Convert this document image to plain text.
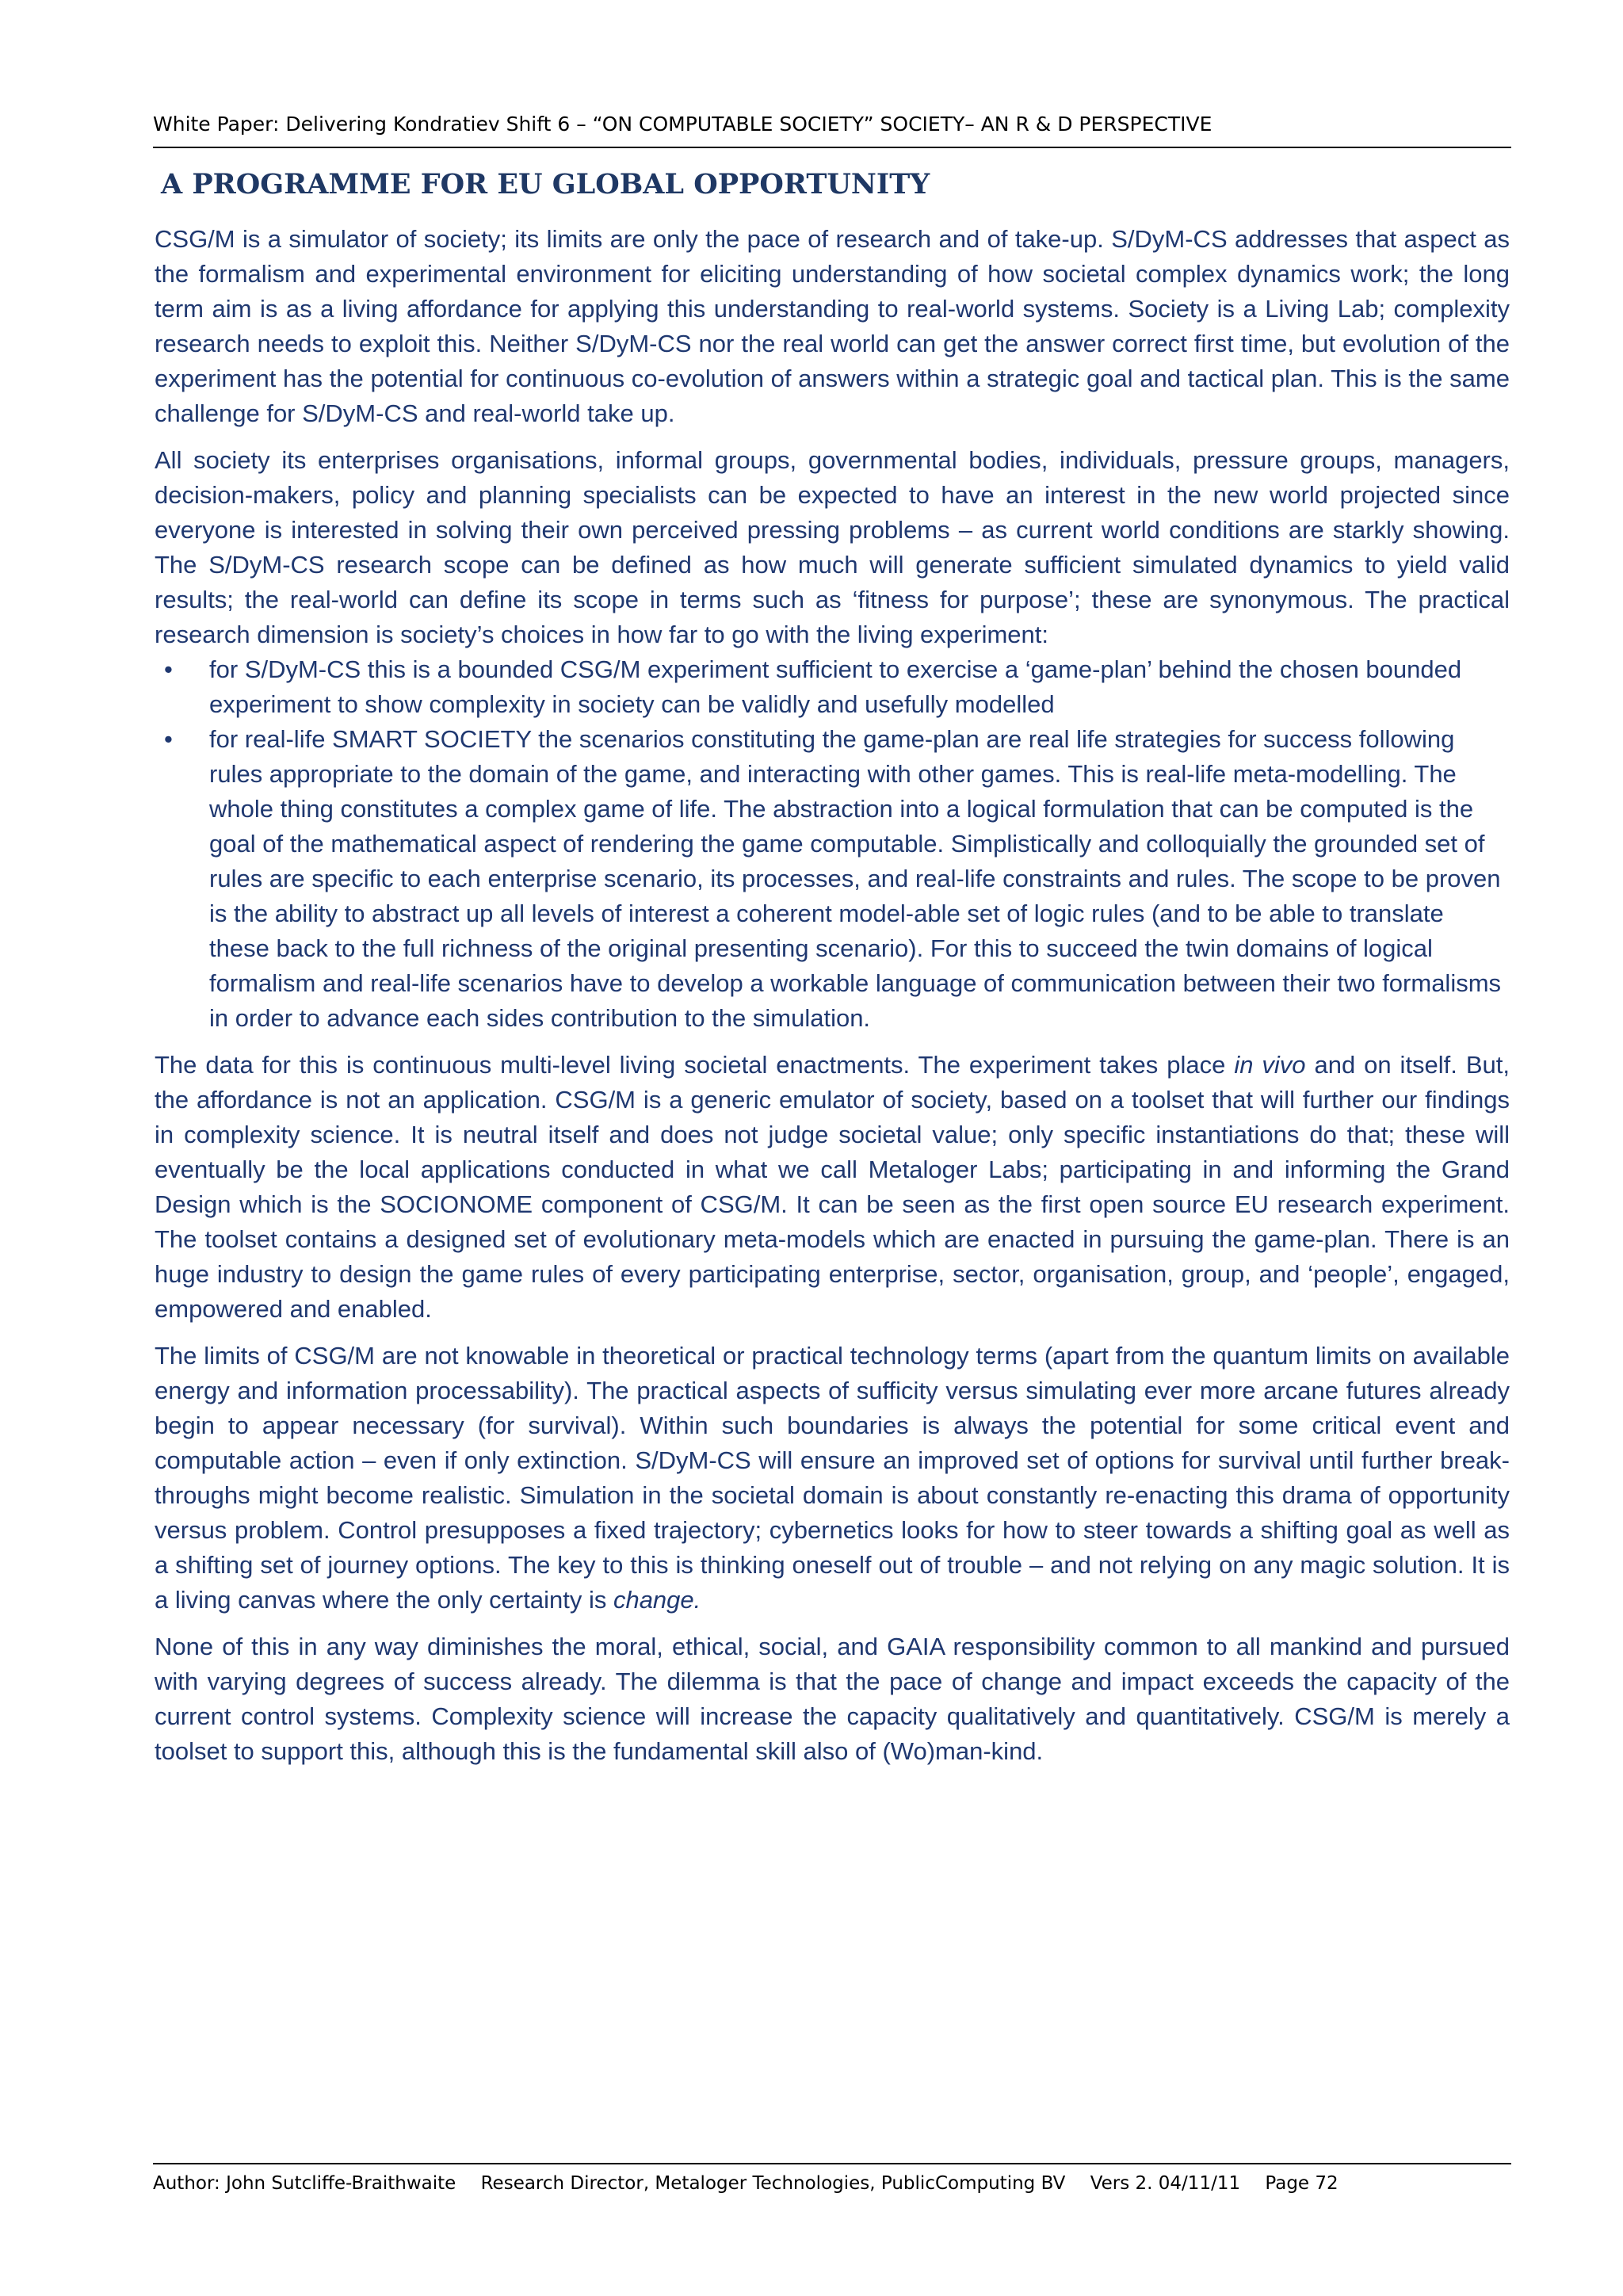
White Paper: Delivering Kondratiev Shift 6 – “ON COMPUTABLE SOCIETY” SOCIETY– AN R & D PERSPECTIVE
A PROGRAMME FOR EU GLOBAL OPPORTUNITY

CSG/M is a simulator of society; its limits are only the pace of research and of take-up. S/DyM-CS addresses that aspect as the formalism and experimental environment for eliciting understanding of how societal complex dynamics work; the long term aim is as a living affordance for applying this understanding to real-world systems. Society is a Living Lab; complexity research needs to exploit this. Neither S/DyM-CS nor the real world can get the answer correct first time, but evolution of the experiment has the potential for continuous co-evolution of answers within a strategic goal and tactical plan. This is the same challenge for S/DyM-CS and real-world take up.

All society its enterprises organisations, informal groups, governmental bodies, individuals, pressure groups, managers, decision-makers, policy and planning specialists can be expected to have an interest in the new world projected since everyone is interested in solving their own perceived pressing problems – as current world conditions are starkly showing. The S/DyM-CS research scope can be defined as how much will generate sufficient simulated dynamics to yield valid results; the real-world can define its scope in terms such as ‘fitness for purpose’; these are synonymous. The practical research dimension is society’s choices in how far to go with the living experiment:

• for S/DyM-CS this is a bounded CSG/M experiment sufficient to exercise a ‘game-plan’ behind the chosen bounded experiment to show complexity in society can be validly and usefully modelled
• for real-life SMART SOCIETY the scenarios constituting the game-plan are real life strategies for success following rules appropriate to the domain of the game, and interacting with other games. This is real-life meta-modelling. The whole thing constitutes a complex game of life. The abstraction into a logical formulation that can be computed is the goal of the mathematical aspect of rendering the game computable. Simplistically and colloquially the grounded set of rules are specific to each enterprise scenario, its processes, and real-life constraints and rules. The scope to be proven is the ability to abstract up all levels of interest a coherent model-able set of logic rules (and to be able to translate these back to the full richness of the original presenting scenario). For this to succeed the twin domains of logical formalism and real-life scenarios have to develop a workable language of communication between their two formalisms in order to advance each sides contribution to the simulation.

The data for this is continuous multi-level living societal enactments. The experiment takes place in vivo and on itself. But, the affordance is not an application. CSG/M is a generic emulator of society, based on a toolset that will further our findings in complexity science. It is neutral itself and does not judge societal value; only specific instantiations do that; these will eventually be the local applications conducted in what we call Metaloger Labs; participating in and informing the Grand Design which is the SOCIONOME component of CSG/M. It can be seen as the first open source EU research experiment. The toolset contains a designed set of evolutionary meta-models which are enacted in pursuing the game-plan. There is an huge industry to design the game rules of every participating enterprise, sector, organisation, group, and ‘people’, engaged, empowered and enabled.

The limits of CSG/M are not knowable in theoretical or practical technology terms (apart from the quantum limits on available energy and information processability). The practical aspects of sufficity versus simulating ever more arcane futures already begin to appear necessary (for survival). Within such boundaries is always the potential for some critical event and computable action – even if only extinction. S/DyM-CS will ensure an improved set of options for survival until further break-throughs might become realistic. Simulation in the societal domain is about constantly re-enacting this drama of opportunity versus problem. Control presupposes a fixed trajectory; cybernetics looks for how to steer towards a shifting goal as well as a shifting set of journey options. The key to this is thinking oneself out of trouble – and not relying on any magic solution. It is a living canvas where the only certainty is change.

None of this in any way diminishes the moral, ethical, social, and GAIA responsibility common to all mankind and pursued with varying degrees of success already. The dilemma is that the pace of change and impact exceeds the capacity of the current control systems. Complexity science will increase the capacity qualitatively and quantitatively. CSG/M is merely a toolset to support this, although this is the fundamental skill also of (Wo)man-kind.

Author: John Sutcliffe-Braithwaite Research Director, Metaloger Technologies, PublicComputing BV Vers 2. 04/11/11 Page 72
